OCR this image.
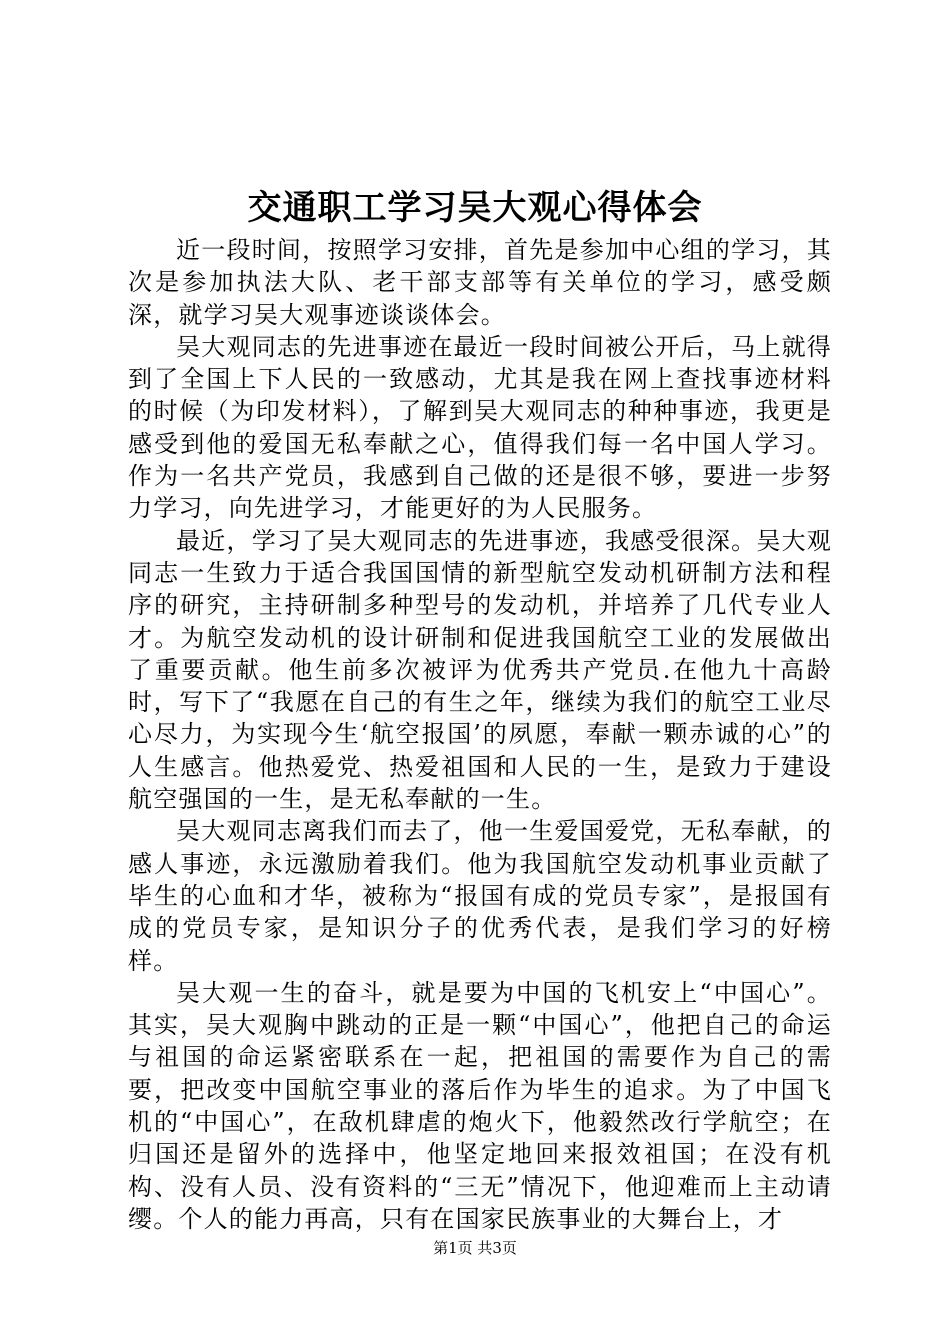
交通职工学习吴大观心得体会

近一段时间，按照学习安排，首先是参加中心组的学习，其次是参加执法大队、老干部支部等有关单位的学习，感受颇深，就学习吴大观事迹谈谈体会。

吴大观同志的先进事迹在最近一段时间被公开后，马上就得到了全国上下人民的一致感动，尤其是我在网上查找事迹材料的时候（为印发材料），了解到吴大观同志的种种事迹，我更是感受到他的爱国无私奉献之心，值得我们每一名中国人学习。作为一名共产党员，我感到自己做的还是很不够，要进一步努力学习，向先进学习，才能更好的为人民服务。

最近，学习了吴大观同志的先进事迹，我感受很深。吴大观同志一生致力于适合我国国情的新型航空发动机研制方法和程序的研究，主持研制多种型号的发动机，并培养了几代专业人才。为航空发动机的设计研制和促进我国航空工业的发展做出了重要贡献。他生前多次被评为优秀共产党员.在他九十高龄时，写下了“我愿在自己的有生之年，继续为我们的航空工业尽心尽力，为实现今生‘航空报国’的夙愿，奉献一颗赤诚的心”的人生感言。他热爱党、热爱祖国和人民的一生，是致力于建设航空强国的一生，是无私奉献的一生。

吴大观同志离我们而去了，他一生爱国爱党，无私奉献，的感人事迹，永远激励着我们。他为我国航空发动机事业贡献了毕生的心血和才华，被称为“报国有成的党员专家”，是报国有成的党员专家，是知识分子的优秀代表，是我们学习的好榜样。

吴大观一生的奋斗，就是要为中国的飞机安上“中国心”。其实，吴大观胸中跳动的正是一颗“中国心”，他把自己的命运与祖国的命运紧密联系在一起，把祖国的需要作为自己的需要，把改变中国航空事业的落后作为毕生的追求。为了中国飞机的“中国心”，在敌机肆虐的炮火下，他毅然改行学航空；在归国还是留外的选择中，他坚定地回来报效祖国；在没有机构、没有人员、没有资料的“三无”情况下，他迎难而上主动请缨。个人的能力再高，只有在国家民族事业的大舞台上，才

第1页 共3页
